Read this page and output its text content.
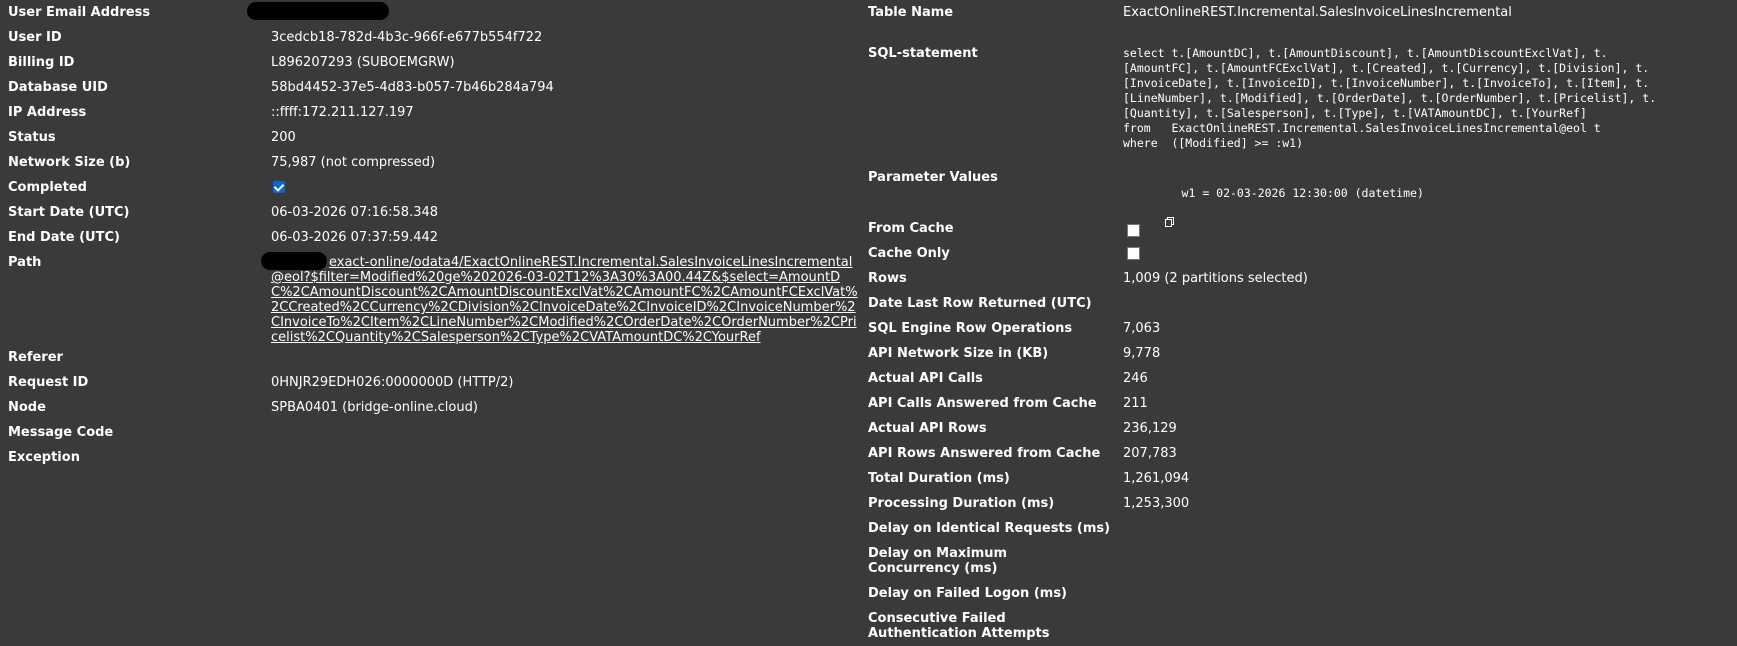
User Email Address
User ID	3cedcb18-782d-4b3c-966f-e677b554f722
Billing ID	L896207293 (SUBOEMGRW)
Database UID	58bd4452-37e5-4d83-b057-7b46b284a794
IP Address	::ffff:172.211.127.197
Status	200
Network Size (b)	75,987 (not compressed)
Completed
Start Date (UTC)	06-03-2026 07:16:58.348
End Date (UTC)	06-03-2026 07:37:59.442
Path	exact-online/odata4/ExactOnlineREST.Incremental.SalesInvoiceLinesIncremental@eol?$filter=Modified%20ge%202026-03-02T12%3A30%3A00.44Z&$select=AmountDC%2CAmountDiscount%2CAmountDiscountExclVat%2CAmountFC%2CAmountFCExclVat%2CCreated%2CCurrency%2CDivision%2CInvoiceDate%2CInvoiceID%2CInvoiceNumber%2CInvoiceTo%2CItem%2CLineNumber%2CModified%2COrderDate%2COrderNumber%2CPricelist%2CQuantity%2CSalesperson%2CType%2CVATAmountDC%2CYourRef
Referer
Request ID	0HNJR29EDH026:0000000D (HTTP/2)
Node	SPBA0401 (bridge-online.cloud)
Message Code
Exception
Table Name	ExactOnlineREST.Incremental.SalesInvoiceLinesIncremental
SQL-statement	select t.[AmountDC], t.[AmountDiscount], t.[AmountDiscountExclVat], t.
[AmountFC], t.[AmountFCExclVat], t.[Created], t.[Currency], t.[Division], t.
[InvoiceDate], t.[InvoiceID], t.[InvoiceNumber], t.[InvoiceTo], t.[Item], t.
[LineNumber], t.[Modified], t.[OrderDate], t.[OrderNumber], t.[Pricelist], t.
[Quantity], t.[Salesperson], t.[Type], t.[VATAmountDC], t.[YourRef]
from   ExactOnlineREST.Incremental.SalesInvoiceLinesIncremental@eol t
where  ([Modified] >= :w1)
Parameter Values

w1 = 02-03-2026 12:30:00 (datetime)

From Cache
Cache Only
Rows	1,009 (2 partitions selected)
Date Last Row Returned (UTC)
SQL Engine Row Operations	7,063
API Network Size in (KB)	9,778
Actual API Calls	246
API Calls Answered from Cache	211
Actual API Rows	236,129
API Rows Answered from Cache	207,783
Total Duration (ms)	1,261,094
Processing Duration (ms)	1,253,300
Delay on Identical Requests (ms)
Delay on Maximum Concurrency (ms)
Delay on Failed Logon (ms)
Consecutive Failed Authentication Attempts
